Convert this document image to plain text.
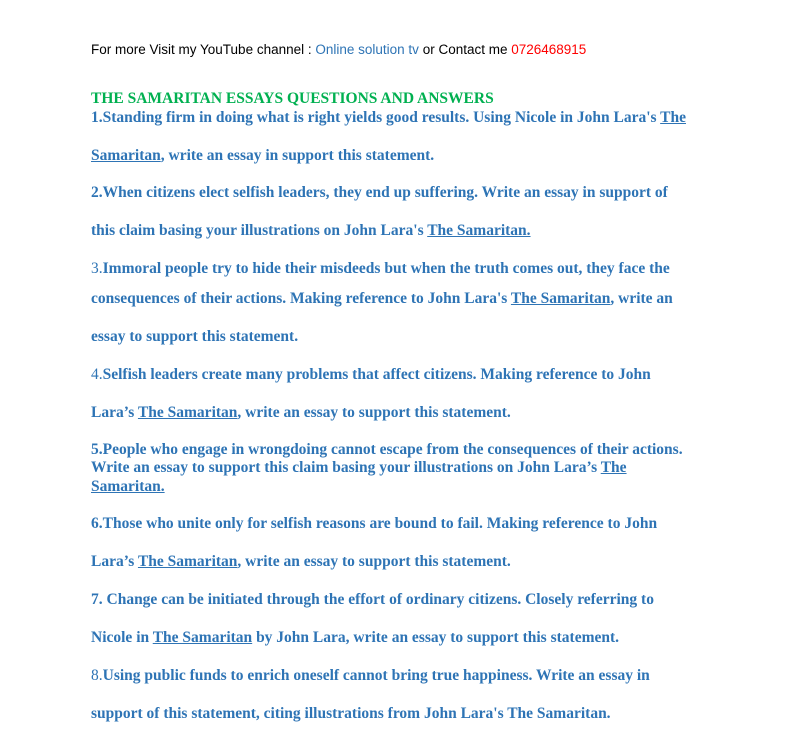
For more Visit my YouTube channel : Online solution tv or Contact me 0726468915
THE SAMARITAN ESSAYS QUESTIONS AND ANSWERS
1.Standing firm in doing what is right yields good results. Using Nicole in John Lara's The
Samaritan, write an essay in support this statement.
2.When citizens elect selfish leaders, they end up suffering. Write an essay in support of
this claim basing your illustrations on John Lara's The Samaritan.
3.Immoral people try to hide their misdeeds but when the truth comes out, they face the
consequences of their actions. Making reference to John Lara's The Samaritan, write an
essay to support this statement.
4.Selfish leaders create many problems that affect citizens. Making reference to John
Lara’s The Samaritan, write an essay to support this statement.
5.People who engage in wrongdoing cannot escape from the consequences of their actions.
Write an essay to support this claim basing your illustrations on John Lara’s The
Samaritan.
6.Those who unite only for selfish reasons are bound to fail. Making reference to John
Lara’s The Samaritan, write an essay to support this statement.
7. Change can be initiated through the effort of ordinary citizens. Closely referring to
Nicole in The Samaritan by John Lara, write an essay to support this statement.
8.Using public funds to enrich oneself cannot bring true happiness. Write an essay in
support of this statement, citing illustrations from John Lara's The Samaritan.
